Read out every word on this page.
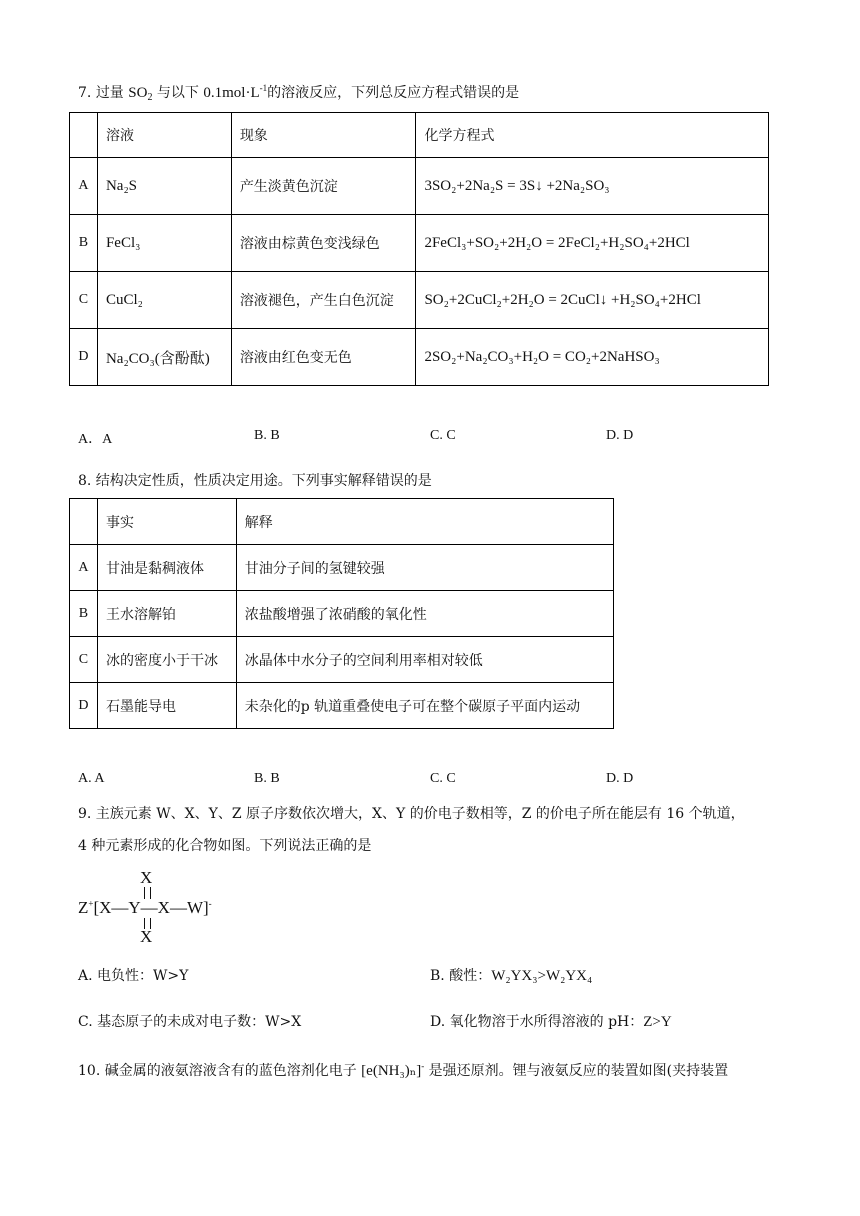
7. 过量 $SO_2$ 与以下 $0.1mol\cdot L^{-1}$的溶液反应，下列总反应方程式错误的是
	溶液	现象	化学方程式
A	Na₂S	产生淡黄色沉淀	3SO₂+2Na₂S = 3S↓ +2Na₂SO₃
B	FeCl₃	溶液由棕黄色变浅绿色	2FeCl₃+SO₂+2H₂O = 2FeCl₂+H₂SO₄+2HCl
C	CuCl₂	溶液褪色，产生白色沉淀	SO₂+2CuCl₂+2H₂O = 2CuCl↓ +H₂SO₄+2HCl
D	Na₂CO₃(含酚酞)	溶液由红色变无色	2SO₂+Na₂CO₃+H₂O = CO₂+2NaHSO₃
A．A	B. B	C. C	D. D
8. 结构决定性质，性质决定用途。下列事实解释错误的是
	事实	解释
A	甘油是黏稠液体	甘油分子间的氢键较强
B	王水溶解铂	浓盐酸增强了浓硝酸的氧化性
C	冰的密度小于干冰	冰晶体中水分子的空间利用率相对较低
D	石墨能导电	未杂化的p 轨道重叠使电子可在整个碳原子平面内运动
A. A	B. B	C. C	D. D
9. 主族元素 W、X、Y、Z 原子序数依次增大，X、Y 的价电子数相等，Z 的价电子所在能层有 16 个轨道，
4 种元素形成的化合物如图。下列说法正确的是
X
Z+[X—Y—X—W]-
X
A. 电负性：W>Y	B. 酸性：W₂YX₃>W₂YX₄
C. 基态原子的未成对电子数：W>X	D. 氧化物溶于水所得溶液的 pH：Z>Y
10. 碱金属的液氨溶液含有的蓝色溶剂化电子 [e(NH₃)ₙ]- 是强还原剂。锂与液氨反应的装置如图(夹持装置
